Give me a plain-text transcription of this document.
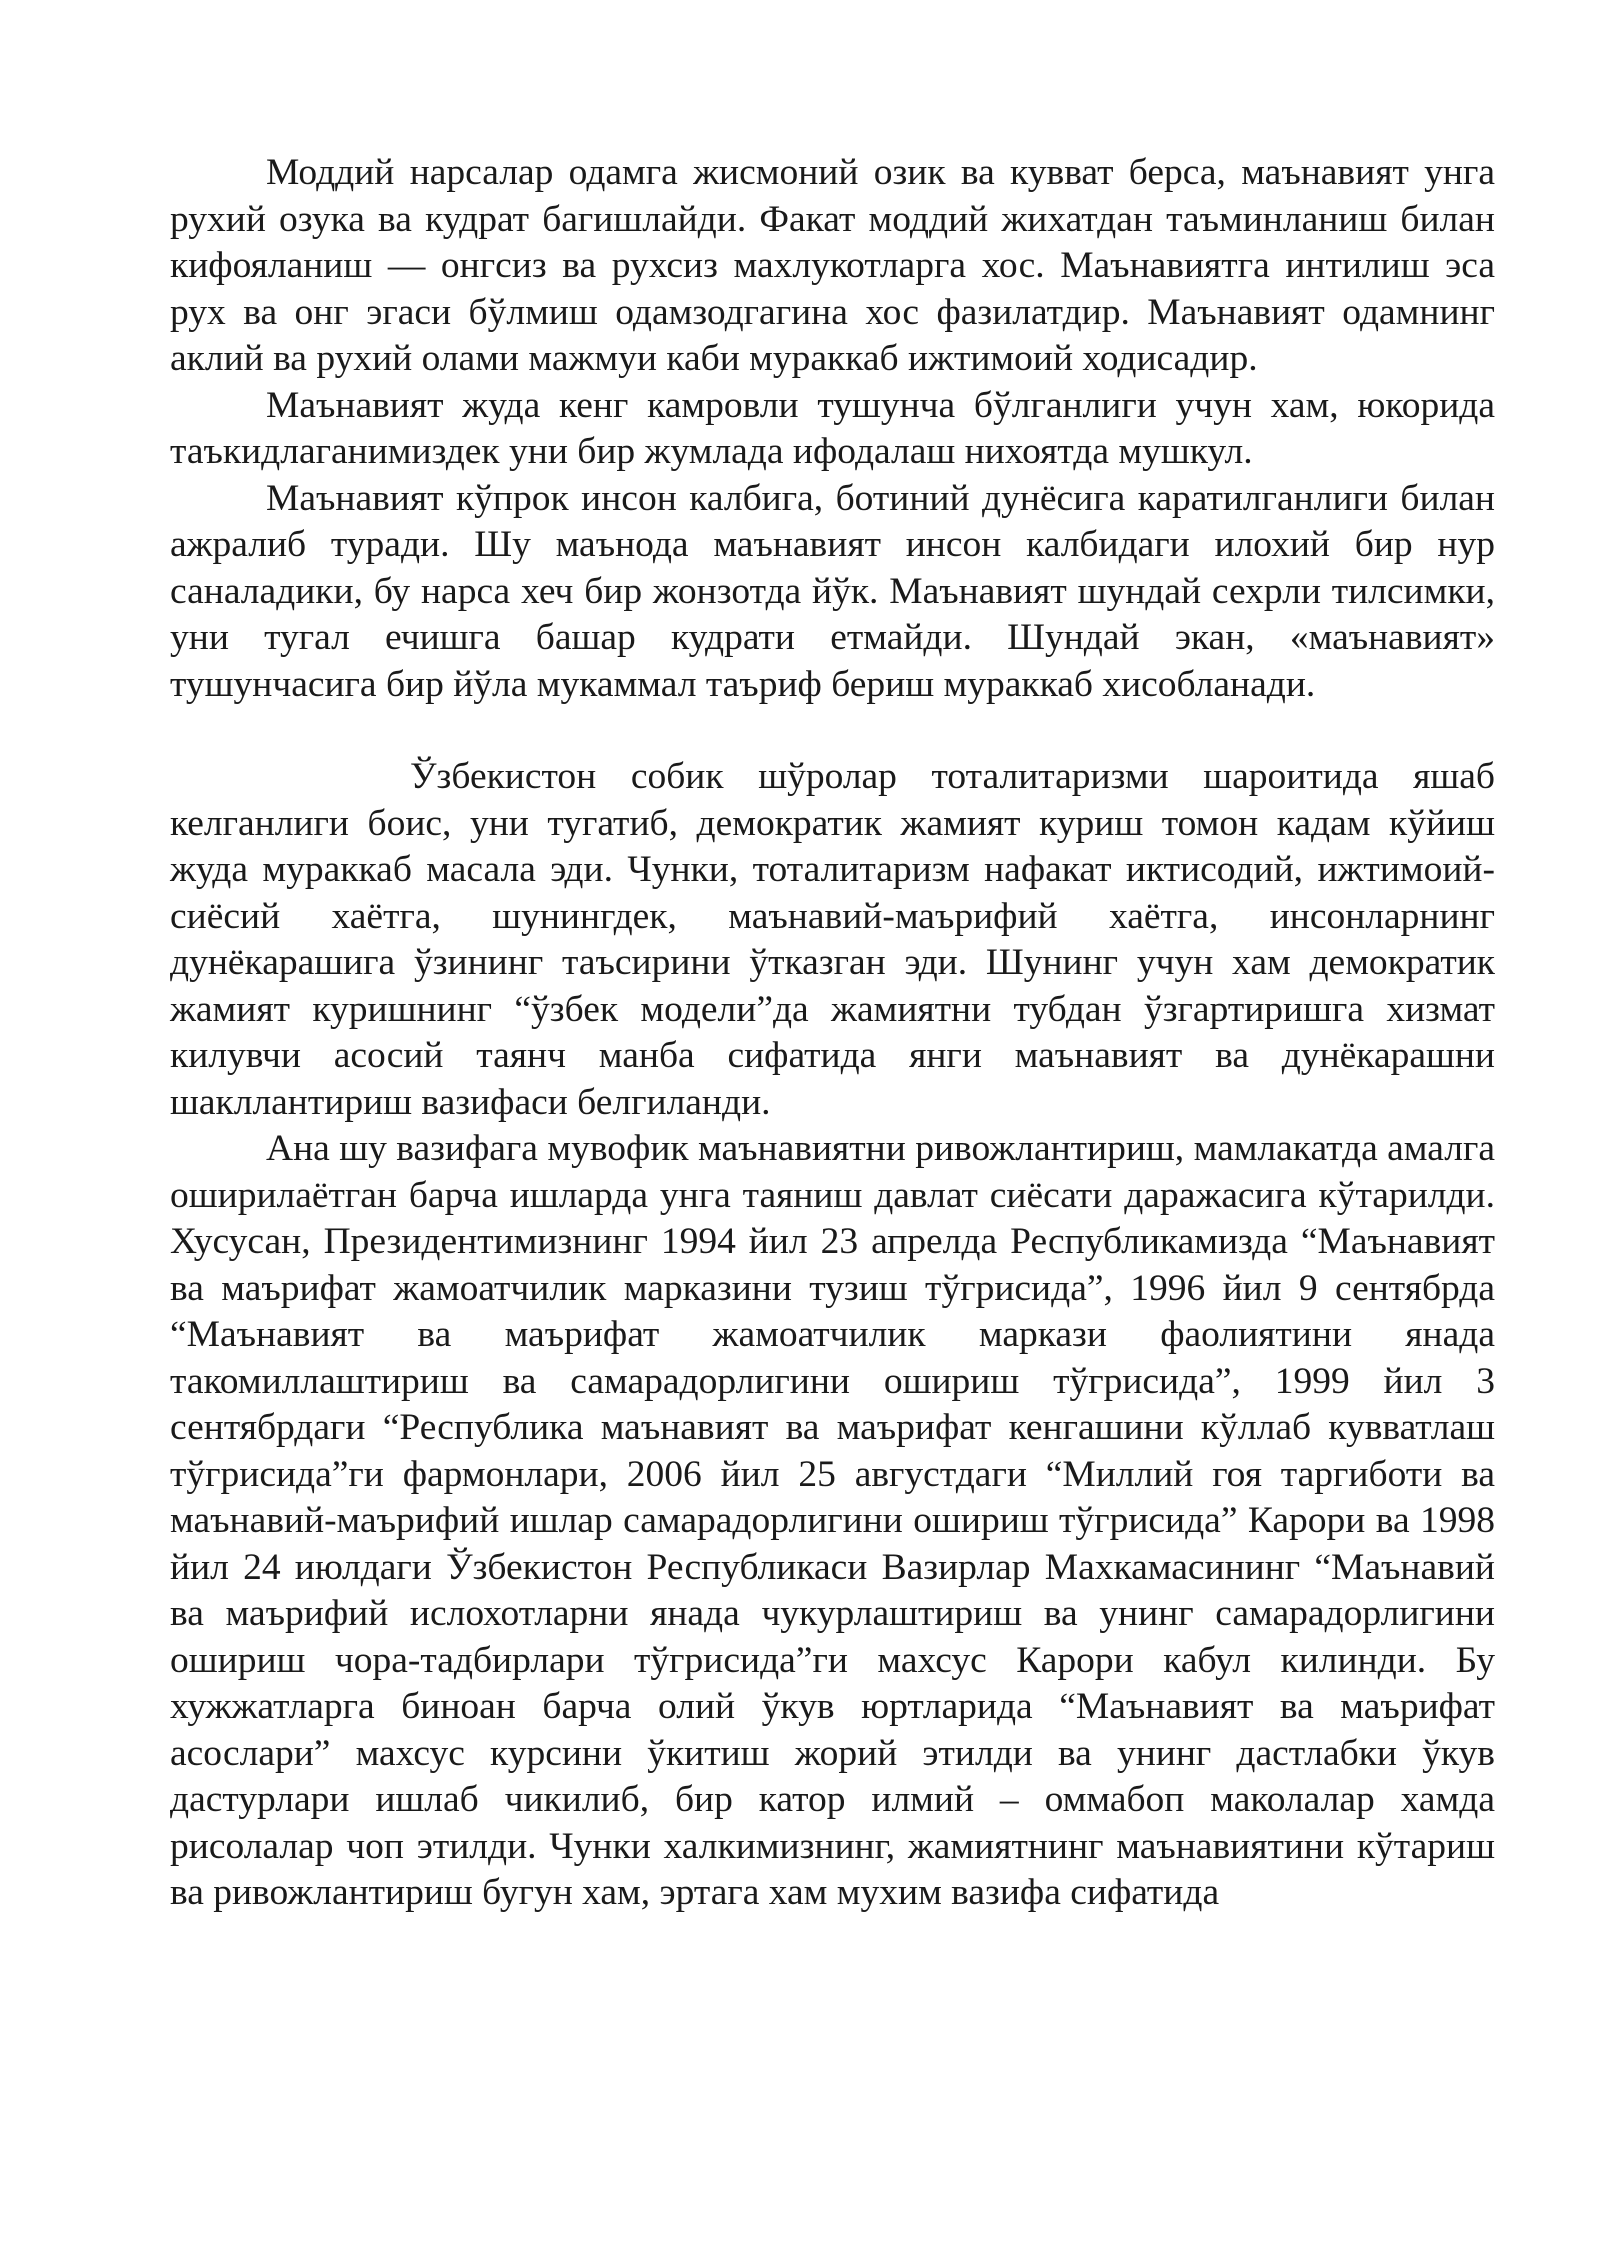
Моддий нарсалар одамга жисмоний озик ва кувват берса, маънавият унга рухий озука ва кудрат багишлайди. Факат моддий жихатдан таъминланиш билан кифояланиш — онгсиз ва рухсиз махлукотларга хос. Маънавиятга интилиш эса рух ва онг эгаси бўлмиш одамзодгагина хос фазилатдир. Маънавият одамнинг аклий ва рухий олами мажмуи каби мураккаб ижтимоий ходисадир.

Маънавият жуда кенг камровли тушунча бўлганлиги учун хам, юкорида таъкидлаганимиздек уни бир жумлада ифодалаш нихоятда мушкул.

Маънавият кўпрок инсон калбига, ботиний дунёсига каратилганлиги билан ажралиб туради. Шу маънода маънавият инсон калбидаги илохий бир нур саналадики, бу нарса хеч бир жонзотда йўк. Маънавият шундай сехрли тилсимки, уни тугал ечишга башар кудрати етмайди. Шундай экан, «маънавият» тушунчасига бир йўла мукаммал таъриф бериш мураккаб хисобланади.

Ўзбекистон собик шўролар тоталитаризми шароитида яшаб келганлиги боис, уни тугатиб, демократик жамият куриш томон кадам кўйиш жуда мураккаб масала эди. Чунки, тоталитаризм нафакат иктисодий, ижтимоий-сиёсий хаётга, шунингдек, маънавий-маърифий хаётга, инсонларнинг дунёкарашига ўзининг таъсирини ўтказган эди. Шунинг учун хам демократик жамият куришнинг “ўзбек модели”да жамиятни тубдан ўзгартиришга хизмат килувчи асосий таянч манба сифатида янги маънавият ва дунёкарашни шакллантириш вазифаси белгиланди.

Ана шу вазифага мувофик маънавиятни ривожлантириш, мамлакатда амалга оширилаётган барча ишларда унга таяниш давлат сиёсати даражасига кўтарилди. Хусусан, Президентимизнинг 1994 йил 23 апрелда Республикамизда “Маънавият ва маърифат жамоатчилик марказини тузиш тўгрисида”, 1996 йил 9 сентябрда “Маънавият ва маърифат жамоатчилик маркази фаолиятини янада такомиллаштириш ва самарадорлигини ошириш тўгрисида”, 1999 йил 3 сентябрдаги “Республика маънавият ва маърифат кенгашини кўллаб кувватлаш тўгрисида”ги фармонлари, 2006 йил 25 августдаги “Миллий гоя таргиботи ва маънавий-маърифий ишлар самарадорлигини ошириш тўгрисида” Карори ва 1998 йил 24 июлдаги Ўзбекистон Республикаси Вазирлар Махкамасининг “Маънавий ва маърифий ислохотларни янада чукурлаштириш ва унинг самарадорлигини ошириш чора-тадбирлари тўгрисида”ги махсус Карори кабул килинди. Бу хужжатларга биноан барча олий ўкув юртларида “Маънавият ва маърифат асослари” махсус курсини ўкитиш жорий этилди ва унинг дастлабки ўкув дастурлари ишлаб чикилиб, бир катор илмий – оммабоп маколалар хамда рисолалар чоп этилди. Чунки халкимизнинг, жамиятнинг маънавиятини кўтариш ва ривожлантириш бугун хам, эртага хам мухим вазифа сифатида
